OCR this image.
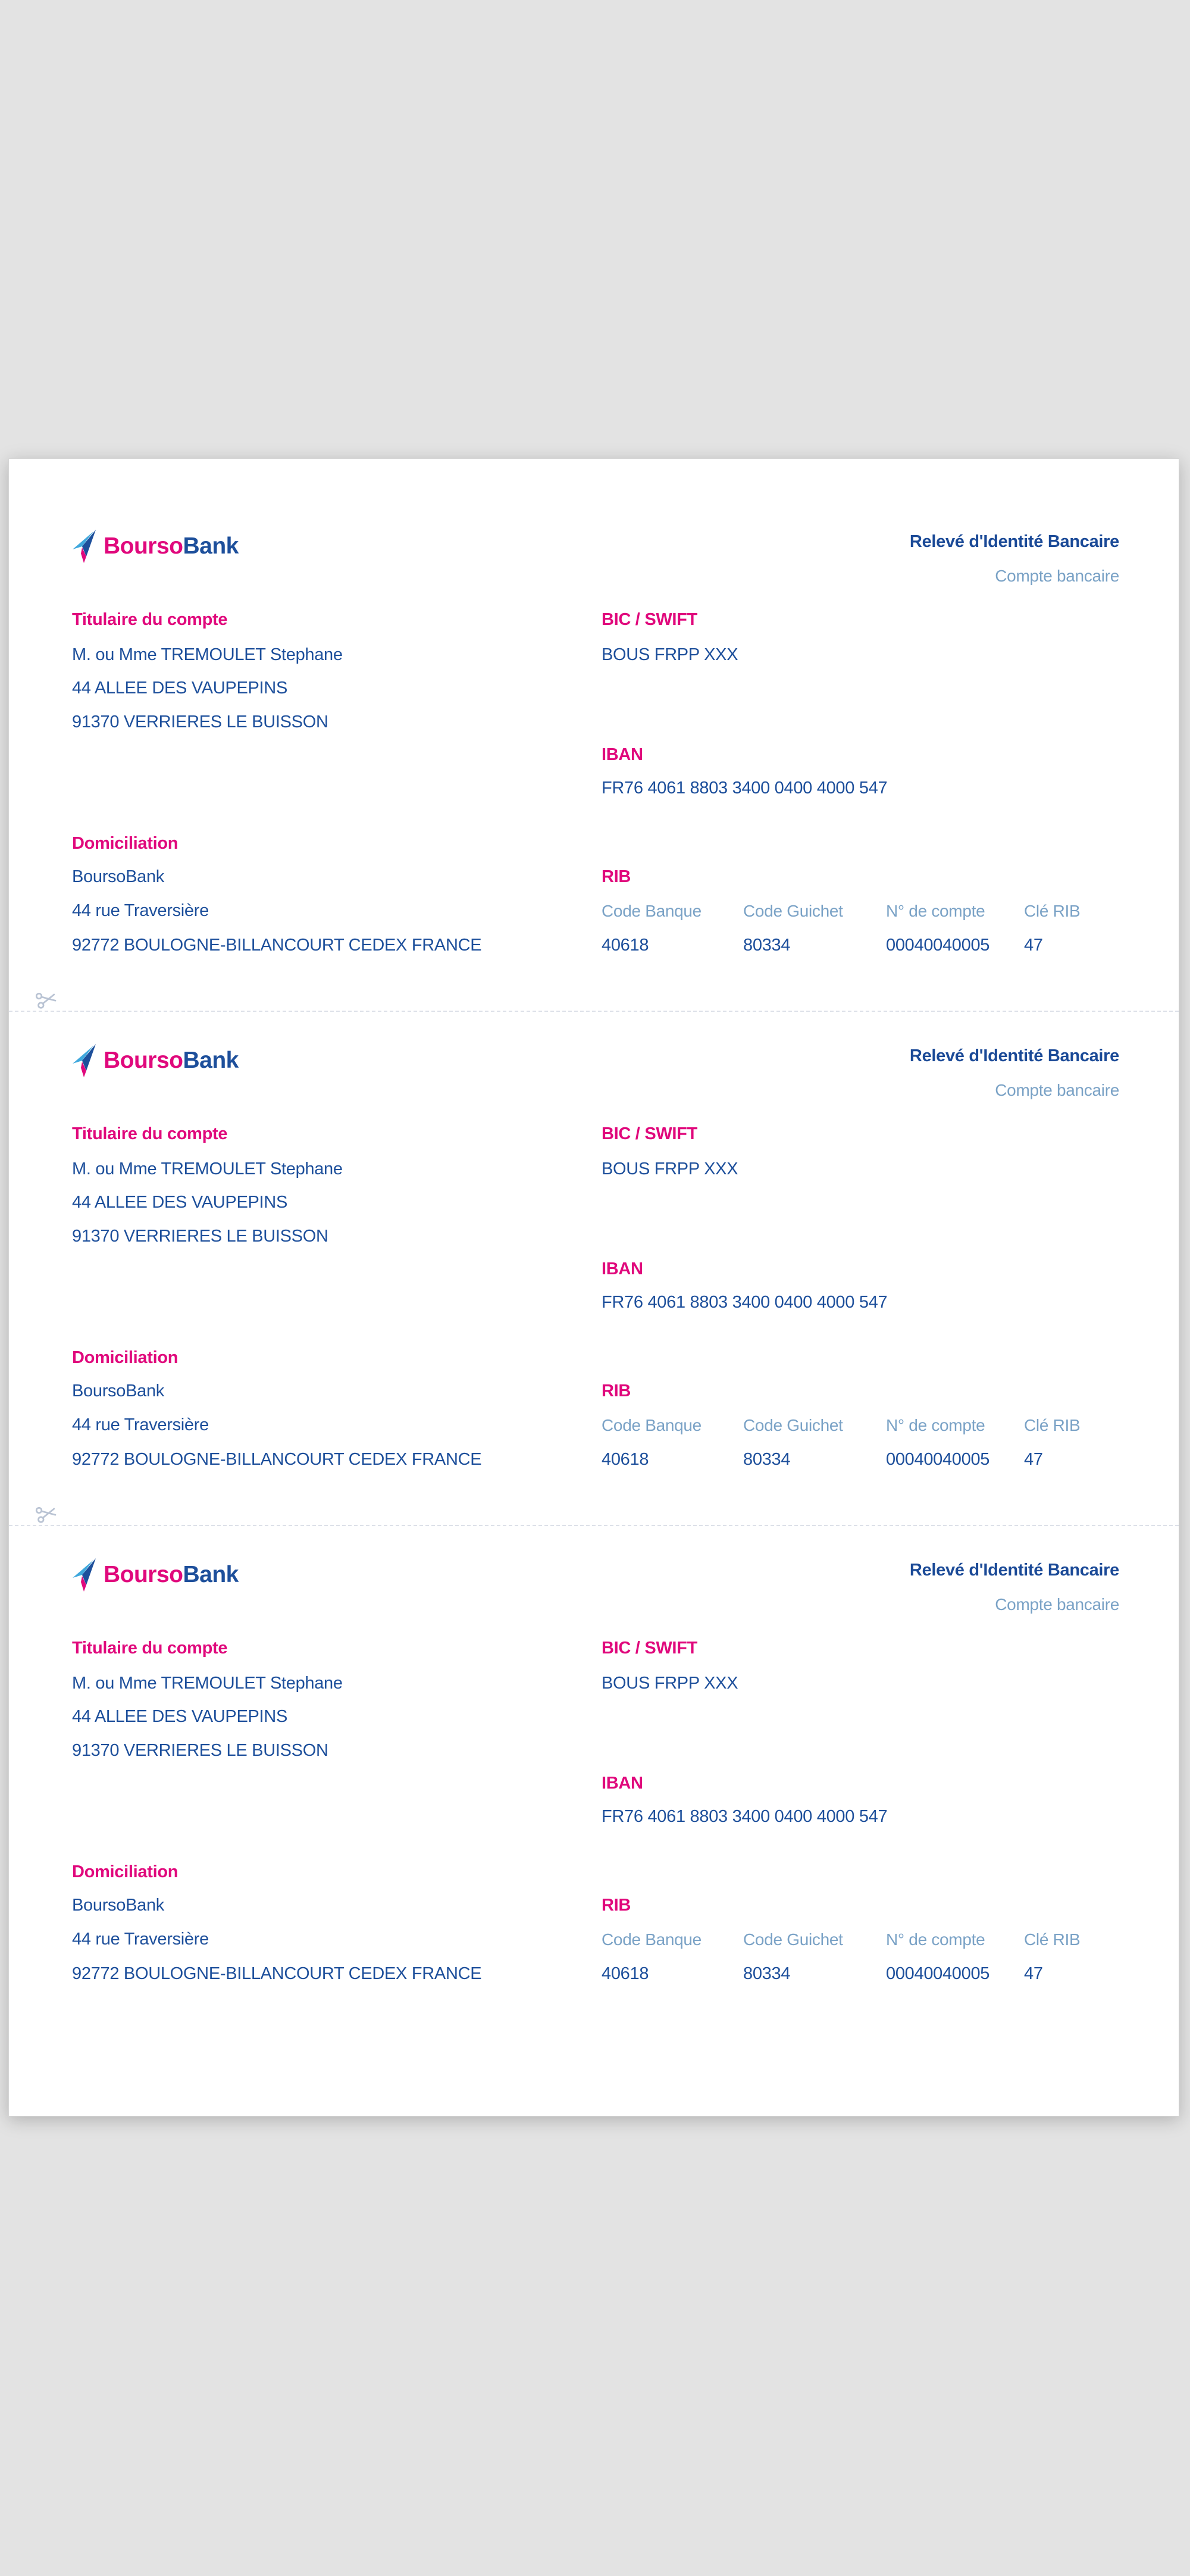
BoursoBank	Relevé d'Identité Bancaire
Compte bancaire
Titulaire du compte
M. ou Mme TREMOULET Stephane
44 ALLEE DES VAUPEPINS
91370 VERRIERES LE BUISSON
BIC / SWIFT
BOUS FRPP XXX
IBAN
FR76 4061 8803 3400 0400 4000 547
Domiciliation
BoursoBank
44 rue Traversière
92772 BOULOGNE-BILLANCOURT CEDEX FRANCE
RIB
Code Banque	Code Guichet	N° de compte	Clé RIB
40618	80334	00040040005	47
BoursoBank	Relevé d'Identité Bancaire
Compte bancaire
Titulaire du compte
M. ou Mme TREMOULET Stephane
44 ALLEE DES VAUPEPINS
91370 VERRIERES LE BUISSON
BIC / SWIFT
BOUS FRPP XXX
IBAN
FR76 4061 8803 3400 0400 4000 547
Domiciliation
BoursoBank
44 rue Traversière
92772 BOULOGNE-BILLANCOURT CEDEX FRANCE
RIB
Code Banque	Code Guichet	N° de compte	Clé RIB
40618	80334	00040040005	47
BoursoBank	Relevé d'Identité Bancaire
Compte bancaire
Titulaire du compte
M. ou Mme TREMOULET Stephane
44 ALLEE DES VAUPEPINS
91370 VERRIERES LE BUISSON
BIC / SWIFT
BOUS FRPP XXX
IBAN
FR76 4061 8803 3400 0400 4000 547
Domiciliation
BoursoBank
44 rue Traversière
92772 BOULOGNE-BILLANCOURT CEDEX FRANCE
RIB
Code Banque	Code Guichet	N° de compte	Clé RIB
40618	80334	00040040005	47
